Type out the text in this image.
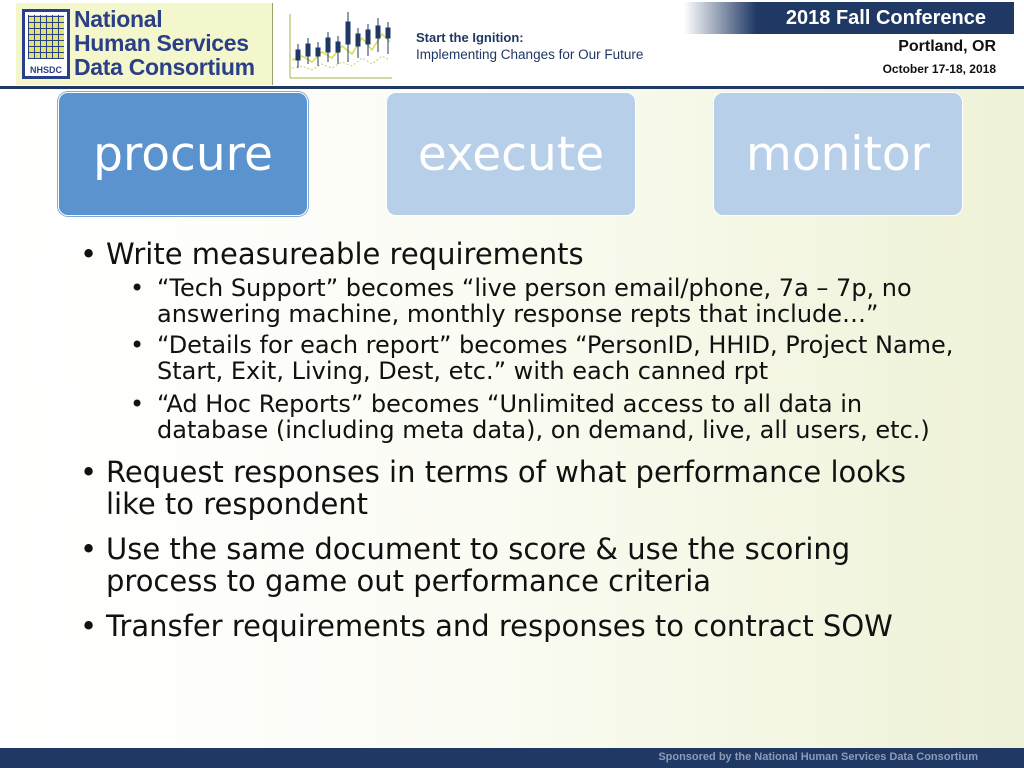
NHSDC
National
Human Services
Data Consortium
Start the Ignition:
Implementing Changes for Our Future
2018 Fall Conference
Portland, OR
October 17-18, 2018
procure	execute	monitor
• Write measureable requirements
• “Tech Support” becomes “live person email/phone, 7a – 7p, no answering machine, monthly response repts that include…”
• “Details for each report” becomes “PersonID, HHID, Project Name, Start, Exit, Living, Dest, etc.” with each canned rpt
• “Ad Hoc Reports” becomes “Unlimited access to all data in database (including meta data), on demand, live, all users, etc.)
• Request responses in terms of what performance looks like to respondent
• Use the same document to score & use the scoring process to game out performance criteria
• Transfer requirements and responses to contract SOW
Sponsored by the National Human Services Data Consortium
